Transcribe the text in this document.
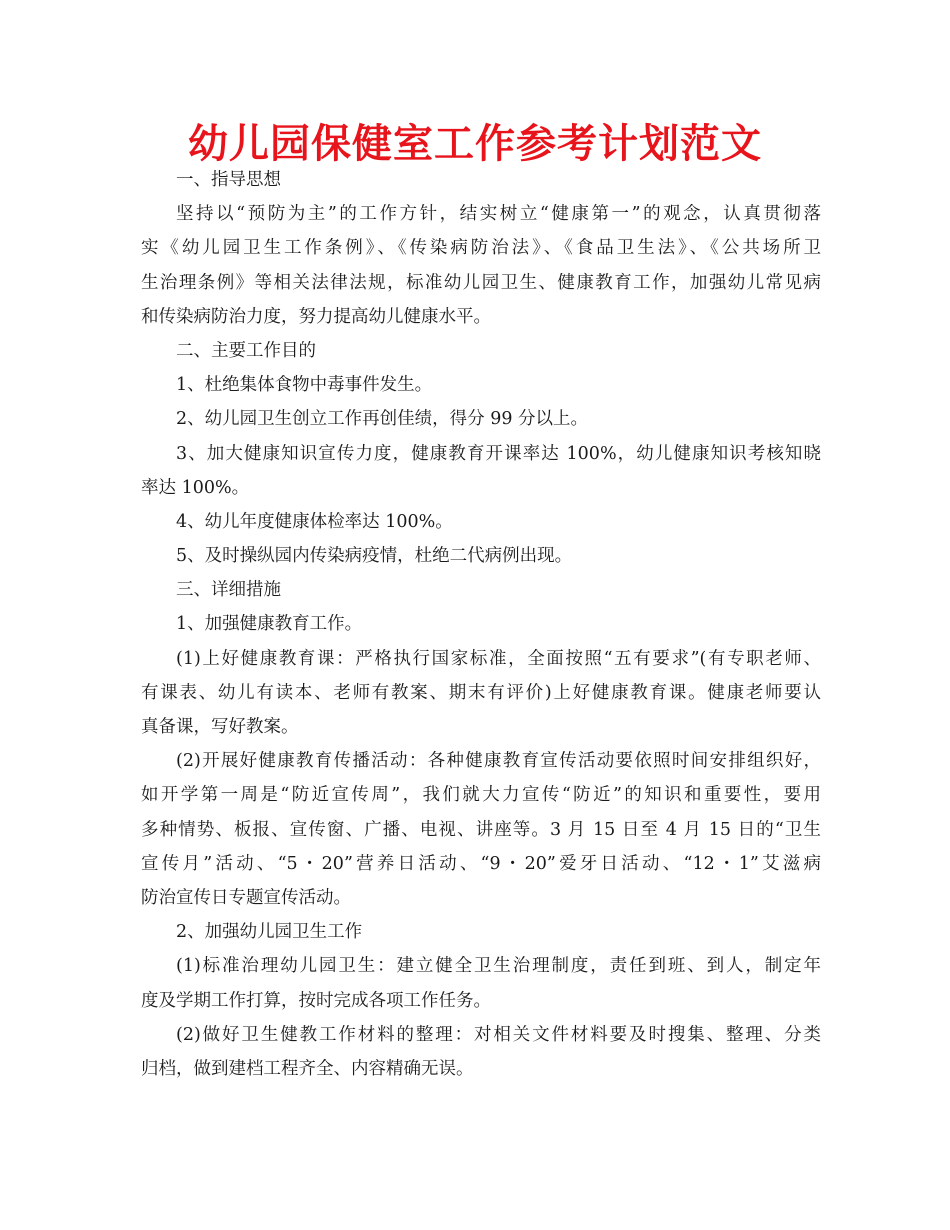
幼儿园保健室工作参考计划范文
一、指导思想
坚持以“预防为主”的工作方针，结实树立“健康第一”的观念，认真贯彻落
实《幼儿园卫生工作条例》、《传染病防治法》、《食品卫生法》、《公共场所卫
生治理条例》等相关法律法规，标准幼儿园卫生、健康教育工作，加强幼儿常见病
和传染病防治力度，努力提高幼儿健康水平。
二、主要工作目的
1、杜绝集体食物中毒事件发生。
2、幼儿园卫生创立工作再创佳绩，得分 99 分以上。
3、加大健康知识宣传力度，健康教育开课率达 100%，幼儿健康知识考核知晓
率达 100%。
4、幼儿年度健康体检率达 100%。
5、及时操纵园内传染病疫情，杜绝二代病例出现。
三、详细措施
1、加强健康教育工作。
(1)上好健康教育课：严格执行国家标准，全面按照“五有要求”(有专职老师、
有课表、幼儿有读本、老师有教案、期末有评价)上好健康教育课。健康老师要认
真备课，写好教案。
(2)开展好健康教育传播活动：各种健康教育宣传活动要依照时间安排组织好，
如开学第一周是“防近宣传周”，我们就大力宣传“防近”的知识和重要性，要用
多种情势、板报、宣传窗、广播、电视、讲座等。3 月 15 日至 4 月 15 日的“卫生
宣传月”活动、“5・20”营养日活动、“9・20”爱牙日活动、“12・1”艾滋病
防治宣传日专题宣传活动。
2、加强幼儿园卫生工作
(1)标准治理幼儿园卫生：建立健全卫生治理制度，责任到班、到人，制定年
度及学期工作打算，按时完成各项工作任务。
(2)做好卫生健教工作材料的整理：对相关文件材料要及时搜集、整理、分类
归档，做到建档工程齐全、内容精确无误。
